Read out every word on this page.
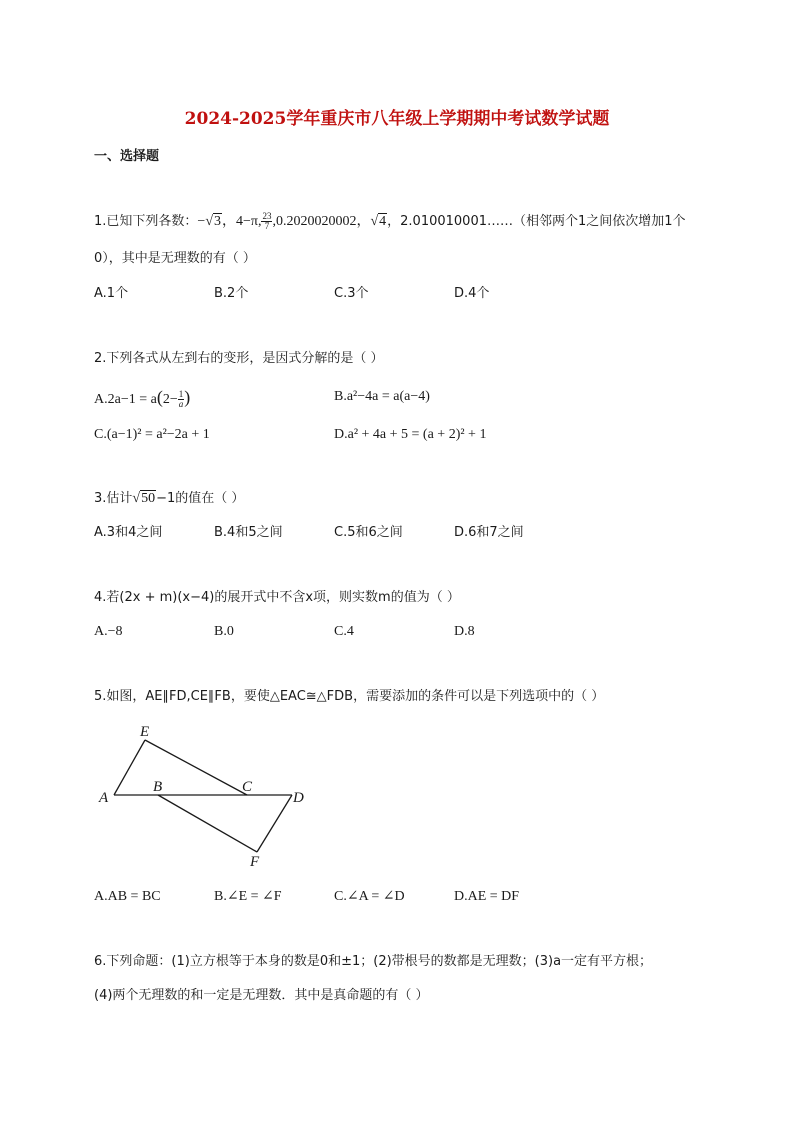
2024-2025学年重庆市八年级上学期期中考试数学试题
一、选择题
1.已知下列各数：−√3，4−π, $\frac{23}{7} ,0.2020020002$，√4，2.010010001……（相邻两个1之间依次增加1个
0），其中是无理数的有（ ）
A.1个	B.2个	C.3个	D.4个
2.下列各式从左到右的变形，是因式分解的是（ ）
$A.2a-1 = a(2- \frac{1}{a}$ )	B.a²−4a = a(a−4)
C.(a−1)² = a²−2a + 1	D.a² + 4a + 5 = (a + 2)² + 1
3.估计√50−1的值在（ ）
A.3和4之间	B.4和5之间	C.5和6之间	D.6和7之间
4.若(2x + m)(x−4)的展开式中不含x项，则实数m的值为（ ）
A.−8	B.0	C.4	D.8
5.如图，AE∥FD,CE∥FB，要使△EAC≅△FDB，需要添加的条件可以是下列选项中的（ ）
E
A
B	C
D
F
A.AB = BC	B.∠E = ∠F	C.∠A = ∠D	D.AE = DF
6.下列命题：(1)立方根等于本身的数是0和±1；(2)带根号的数都是无理数；(3)a一定有平方根；
(4)两个无理数的和一定是无理数．其中是真命题的有（ ）
